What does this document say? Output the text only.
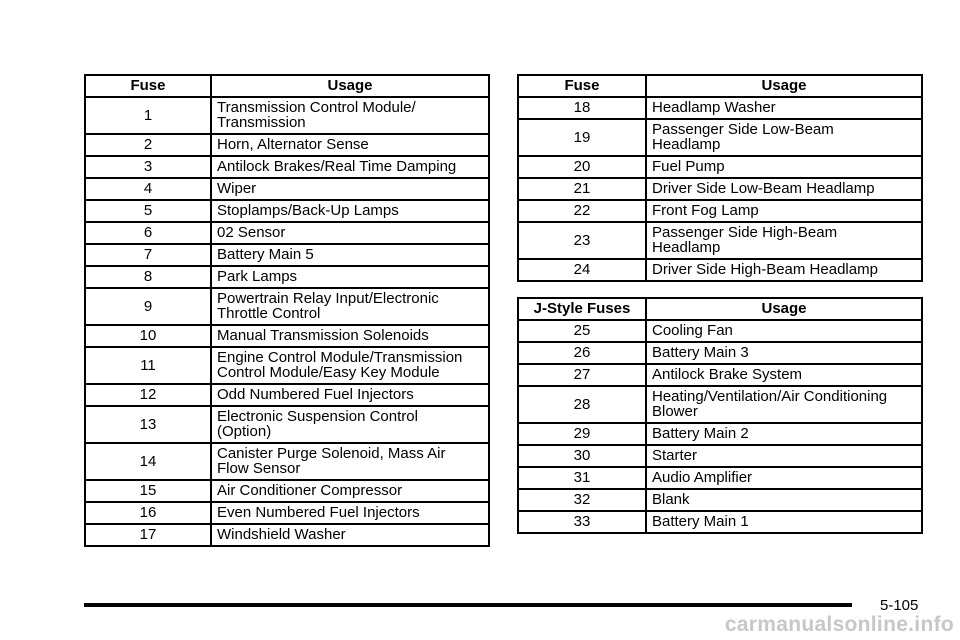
Fuse	Usage
1	Transmission Control Module/
Transmission

2	Horn, Alternator Sense

3	Antilock Brakes/Real Time Damping

4	Wiper

5	Stoplamps/Back-Up Lamps

6	02 Sensor

7	Battery Main 5

8	Park Lamps

9	Powertrain Relay Input/Electronic
Throttle Control

10	Manual Transmission Solenoids

11	Engine Control Module/Transmission
Control Module/Easy Key Module

12	Odd Numbered Fuel Injectors

13	Electronic Suspension Control
(Option)

14	Canister Purge Solenoid, Mass Air
Flow Sensor

15	Air Conditioner Compressor

16	Even Numbered Fuel Injectors

17	Windshield Washer
Fuse	Usage
18	Headlamp Washer

19	Passenger Side Low-Beam
Headlamp

20	Fuel Pump

21	Driver Side Low-Beam Headlamp

22	Front Fog Lamp

23	Passenger Side High-Beam
Headlamp

24	Driver Side High-Beam Headlamp
J-Style Fuses	Usage
25	Cooling Fan

26	Battery Main 3

27	Antilock Brake System

28	Heating/Ventilation/Air Conditioning
Blower

29	Battery Main 2

30	Starter

31	Audio Amplifier

32	Blank

33	Battery Main 1
5-105
carmanualsonline.info
